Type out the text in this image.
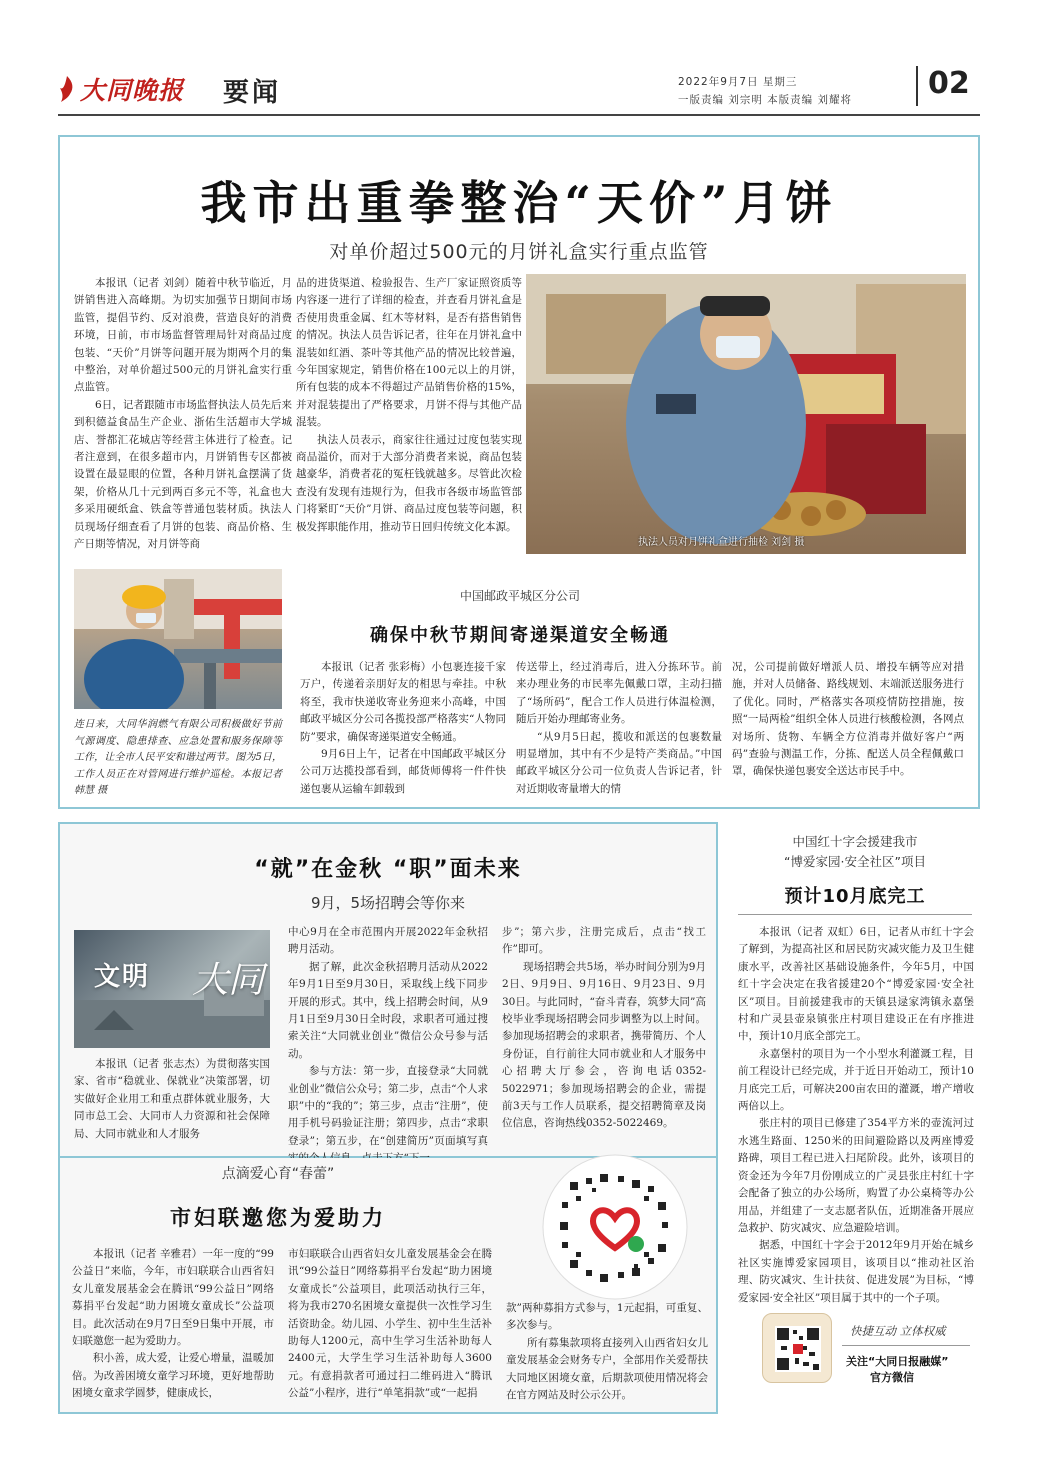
大同晚报 要闻	2022年9月7日 星期三
一版责编 刘宗明 本版责编 刘耀将	02
我市出重拳整治“天价”月饼
对单价超过500元的月饼礼盒实行重点监管

本报讯（记者 刘剑）随着中秋节临近，月饼销售进入高峰期。为切实加强节日期间市场监管，提倡节约、反对浪费，营造良好的消费环境，日前，市市场监督管理局针对商品过度包装、“天价”月饼等问题开展为期两个月的集中整治，对单价超过500元的月饼礼盒实行重点监管。

6日，记者跟随市市场监督执法人员先后来到积德益食品生产企业、浙佑生活超市大学城店、誉都汇花城店等经营主体进行了检查。记者注意到，在很多超市内，月饼销售专区都被设置在最显眼的位置，各种月饼礼盒摆满了货架，价格从几十元到两百多元不等，礼盒也大多采用硬纸盒、铁盒等普通包装材质。执法人员现场仔细查看了月饼的包装、商品价格、生产日期等情况，对月饼等商

品的进货渠道、检验报告、生产厂家证照资质等内容逐一进行了详细的检查，并查看月饼礼盒是否使用贵重金属、红木等材料，是否有搭售销售的情况。执法人员告诉记者，往年在月饼礼盒中混装如红酒、茶叶等其他产品的情况比较普遍，今年国家规定，销售价格在100元以上的月饼，所有包装的成本不得超过产品销售价格的15%，并对混装提出了严格要求，月饼不得与其他产品混装。

执法人员表示，商家往往通过过度包装实现商品溢价，而对于大部分消费者来说，商品包装越豪华，消费者花的冤枉钱就越多。尽管此次检查没有发现有违规行为，但我市各级市场监管部门将紧盯“天价”月饼、商品过度包装等问题，积极发挥职能作用，推动节日回归传统文化本源。

执法人员对月饼礼盒进行抽检 刘剑 摄
连日来，大同华润燃气有限公司积极做好节前气源调度、隐患排查、应急处置和服务保障等工作，让全市人民平安和谐过两节。图为5日，工作人员正在对管网进行维护巡检。本报记者 韩慧 摄
中国邮政平城区分公司
确保中秋节期间寄递渠道安全畅通

本报讯（记者 张彩梅）小包裹连接千家万户，传递着亲朋好友的相思与牵挂。中秋将至，我市快递收寄业务迎来小高峰，中国邮政平城区分公司各揽投部严格落实“人物同防”要求，确保寄递渠道安全畅通。

9月6日上午，记者在中国邮政平城区分公司万达揽投部看到，邮货师傅将一件件快递包裹从运输车卸载到

传送带上，经过消毒后，进入分拣环节。前来办理业务的市民率先佩戴口罩，主动扫描了“场所码”，配合工作人员进行体温检测，随后开始办理邮寄业务。

“从9月5日起，揽收和派送的包裹数量明显增加，其中有不少是特产类商品。”中国邮政平城区分公司一位负责人告诉记者，针对近期收寄量增大的情

况，公司提前做好增派人员、增投车辆等应对措施，并对人员储备、路线规划、末端派送服务进行了优化。同时，严格落实各项疫情防控措施，按照“一局两检”组织全体人员进行核酸检测，各网点对场所、货物、车辆全方位消毒并做好客户“两码”查验与测温工作，分拣、配送人员全程佩戴口罩，确保快递包裹安全送达市民手中。

“就”在金秋 “职”面未来
9月，5场招聘会等你来
文明 大同

本报讯（记者 张志杰）为贯彻落实国家、省市“稳就业、保就业”决策部署，切实做好企业用工和重点群体就业服务，大同市总工会、大同市人力资源和社会保障局、大同市就业和人才服务

中心9月在全市范围内开展2022年金秋招聘月活动。

据了解，此次金秋招聘月活动从2022年9月1日至9月30日，采取线上线下同步开展的形式。其中，线上招聘会时间，从9月1日至9月30日全时段，求职者可通过搜索关注“大同就业创业”微信公众号参与活动。

参与方法：第一步，直接登录“大同就业创业”微信公众号；第二步，点击“个人求职”中的“我的”；第三步，点击“注册”，使用手机号码验证注册；第四步，点击“求职登录”；第五步，在“创建简历”页面填写真

步”；第六步，注册完成后，点击“找工作”即可。

现场招聘会共5场，举办时间分别为9月2日、9月9日、9月16日、9月23日、9月30日。与此同时，“奋斗青春，筑梦大同”高校毕业季现场招聘会同步调整为以上时间。参加现场招聘会的求职者，携带简历、个人身份证，自行前往大同市就业和人才服务中心招聘大厅参会，咨询电话0352-5022971；参加现场招聘会的企业，需提前3天与工作人员联系，提交招聘简章及岗位信息，咨询热线0352-5022469。

点滴爱心育“春蕾”
市妇联邀您为爱助力

本报讯（记者 辛雅君）一年一度的“99公益日”来临，今年，市妇联联合山西省妇女儿童发展基金会在腾讯“99公益日”网络募捐平台发起“助力困境女童成长”公益项目。此次活动在9月7日至9日集中开展，市妇联邀您一起为爱助力。

积小善，成大爱，让爱心增量，温暖加倍。为改善困境女童学习环境，更好地帮助困境女童求学圆梦，健康成长，

市妇联联合山西省妇女儿童发展基金会在腾讯“99公益日”网络募捐平台发起“助力困境女童成长”公益项目，此项活动执行三年，将为我市270名困境女童提供一次性学习生活资助金。幼儿园、小学生、初中生生活补助每人1200元，高中生学习生活补助每人2400元，大学生学习生活补助每人3600元。有意捐款者可通过扫二维码进入“腾讯公益”小程序，进行“单笔捐款”或“一起捐

款”两种募捐方式参与，1元起捐，可重复、多次参与。

所有募集款项将直接列入山西省妇女儿童发展基金会财务专户，全部用作关爱帮扶大同地区困境女童，后期款项使用情况将会在官方网站及时公示公开。

中国红十字会援建我市
“博爱家园·安全社区”项目
预计10月底完工

本报讯（记者 双虹）6日，记者从市红十字会了解到，为提高社区和居民防灾减灾能力及卫生健康水平，改善社区基础设施条件，今年5月，中国红十字会决定在我省援建20个“博爱家园·安全社区”项目。目前援建我市的天镇县逯家湾镇永嘉堡村和广灵县壶泉镇张庄村项目建设正在有序推进中，预计10月底全部完工。

永嘉堡村的项目为一个小型水利灌溉工程，目前工程设计已经完成，并于近日开始动工，预计10月底完工后，可解决200亩农田的灌溉，增产增收两倍以上。

张庄村的项目已修建了354平方米的壶流河过水逃生路面、1250米的田间避险路以及两座博爱路碑，项目工程已进入扫尾阶段。此外，该项目的资金还为今年7月份刚成立的广灵县张庄村红十字会配备了独立的办公场所，购置了办公桌椅等办公用品，并组建了一支志愿者队伍，近期准备开展应急救护、防灾减灾、应急避险培训。

据悉，中国红十字会于2012年9月开始在城乡社区实施博爱家园项目，该项目以“推动社区治理、防灾减灾、生计扶贫、促进发展”为目标，“博爱家园·安全社区”项目属于其中的一个子项。

快捷互动 立体权威
关注“大同日报融媒”
官方微信
